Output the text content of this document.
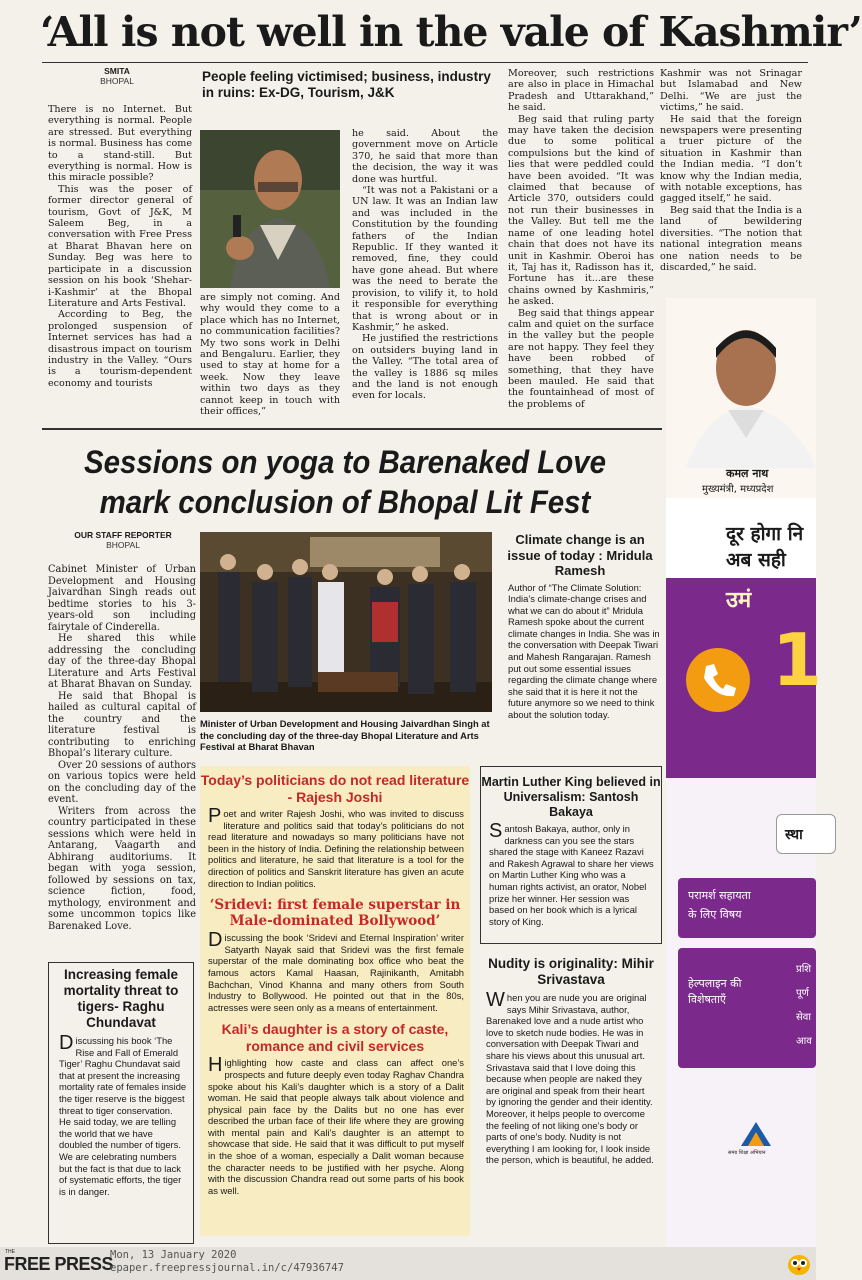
‘All is not well in the vale of Kashmir’
SMITA
BHOPAL	People feeling victimised; business, industry in ruins: Ex-DG, Tourism, J&K

There is no Internet. But everything is normal. People are stressed. But everything is normal. Business has come to a stand-still. But everything is normal. How is this miracle possible?

This was the poser of former director general of tourism, Govt of J&K, M Saleem Beg, in a conversation with Free Press at Bharat Bhavan here on Sunday. Beg was here to participate in a discussion session on his book ‘Shehar-i-Kashmir’ at the Bhopal Literature and Arts Festival.

According to Beg, the prolonged suspension of Internet services has had a disastrous impact on tourism industry in the Valley. “Ours is a tourism-dependent economy and tourists

are simply not coming. And why would they come to a place which has no Internet, no communication facilities? My two sons work in Delhi and Bengaluru. Earlier, they used to stay at home for a week. Now they leave within two days as they cannot keep in touch with their offices,”

he said. About the government move on Article 370, he said that more than the decision, the way it was done was hurtful.

“It was not a Pakistani or a UN law. It was an Indian law and was included in the Constitution by the founding fathers of the Indian Republic. If they wanted it removed, fine, they could have gone ahead. But where was the need to berate the provision, to vilify it, to hold it responsible for everything that is wrong about or in Kashmir,” he asked.

He justified the restrictions on outsiders buying land in the Valley. “The total area of the valley is 1886 sq miles and the land is not enough even for locals.

Moreover, such restrictions are also in place in Himachal Pradesh and Uttarakhand,” he said.

Beg said that ruling party may have taken the decision due to some political compulsions but the kind of lies that were peddled could have been avoided. “It was claimed that because of Article 370, outsiders could not run their businesses in the Valley. But tell me the name of one leading hotel chain that does not have its unit in Kashmir. Oberoi has it, Taj has it, Radisson has it, Fortune has it...are these chains owned by Kashmiris,” he asked.

Beg said that things appear calm and quiet on the surface in the valley but the people are not happy. They feel they have been robbed of something, that they have been mauled. He said that the fountainhead of most of the problems of

Kashmir was not Srinagar but Islamabad and New Delhi. “We are just the victims,” he said.

He said that the foreign newspapers were presenting a truer picture of the situation in Kashmir than the Indian media. “I don’t know why the Indian media, with notable exceptions, has gagged itself,” he said.

Beg said that the India is a land of bewildering diversities. “The notion that national integration means one nation needs to be discarded,” he said.

Sessions on yoga to Barenaked Love
mark conclusion of Bhopal Lit Fest
OUR STAFF REPORTER
BHOPAL

Cabinet Minister of Urban Development and Housing Jaivardhan Singh reads out bedtime stories to his 3-years-old son including fairytale of Cinderella.

He shared this while addressing the concluding day of the three-day Bhopal Literature and Arts Festival at Bharat Bhavan on Sunday.

He said that Bhopal is hailed as cultural capital of the country and the literature festival is contributing to enriching Bhopal’s literary culture.

Over 20 sessions of authors on various topics were held on the concluding day of the event.

Writers from across the country participated in these sessions which were held in Antarang, Vaagarth and Abhirang auditoriums. It began with yoga session, followed by sessions on tax, science fiction, food, mythology, environment and some uncommon topics like Barenaked Love.

Minister of Urban Development and Housing Jaivardhan Singh at the concluding day of the three-day Bhopal Literature and Arts Festival at Bharat Bhavan
Climate change is an issue of today : Mridula Ramesh
Author of “The Climate Solution: India’s climate-change crises and what we can do about it” Mridula Ramesh spoke about the current climate changes in India. She was in the conversation with Deepak Tiwari and Mahesh Rangarajan. Ramesh put out some essential issues regarding the climate change where she said that it is here it not the future anymore so we need to think about the solution today.
Increasing female mortality threat to tigers- Raghu Chundavat
Discussing his book ‘The Rise and Fall of Emerald Tiger’ Raghu Chundavat said that at present the increasing mortality rate of females inside the tiger reserve is the biggest threat to tiger conservation. He said today, we are telling the world that we have doubled the number of tigers. We are celebrating numbers but the fact is that due to lack of systematic efforts, the tiger is in danger.
Today’s politicians do not read literature - Rajesh Joshi
Poet and writer Rajesh Joshi, who was invited to discuss literature and politics said that today’s politicians do not read literature and nowadays so many politicians have not been in the history of India. Defining the relationship between politics and literature, he said that literature is a tool for the direction of politics and Sanskrit literature has given an acute direction to Indian politics.
‘Sridevi: first female superstar in Male-dominated Bollywood’
Discussing the book ‘Sridevi and Eternal Inspiration’ writer Satyarth Nayak said that Sridevi was the first female superstar of the male dominating box office who beat the famous actors Kamal Haasan, Rajinikanth, Amitabh Bachchan, Vinod Khanna and many others from South Industry to Bollywood. He pointed out that in the 80s, actresses were seen only as a means of entertainment.
Kali’s daughter is a story of caste, romance and civil services
Highlighting how caste and class can affect one’s prospects and future deeply even today Raghav Chandra spoke about his Kali’s daughter which is a story of a Dalit woman. He said that people always talk about violence and physical pain face by the Dalits but no one has ever described the urban face of their life where they are growing with mental pain and Kali’s daughter is an attempt to showcase that side. He said that it was difficult to put myself in the shoe of a woman, especially a Dalit woman because the character needs to be justified with her psyche. Along with the discussion Chandra read out some parts of his book as well.
Martin Luther King believed in Universalism: Santosh Bakaya
Santosh Bakaya, author, only in darkness can you see the stars shared the stage with Kaneez Razavi and Rakesh Agrawal to share her views on Martin Luther King who was a human rights activist, an orator, Nobel prize her winner. Her session was based on her book which is a lyrical story of King.
Nudity is originality: Mihir Srivastava
When you are nude you are original says Mihir Srivastava, author, Barenaked love and a nude artist who love to sketch nude bodies. He was in conversation with Deepak Tiwari and share his views about this unusual art. Srivastava said that I love doing this because when people are naked they are original and speak from their heart by ignoring the gender and their identity. Moreover, it helps people to overcome the feeling of not liking one’s body or parts of one’s body. Nudity is not everything I am looking for, I look inside the person, which is beautiful, he added.
कमल नाथ
मुख्यमंत्री, मध्यप्रदेश
दूर होगा नि
अब सही
उमं
1
स्था
परामर्श सहायता
के लिए विषय
हेल्पलाइन की
विशेषताएँ
प्रशि
पूर्ण
सेवा
आव
समग्र शिक्षा अभियान
THE
FREE PRESS
Mon, 13 January 2020
epaper.freepressjournal.in/c/47936747
